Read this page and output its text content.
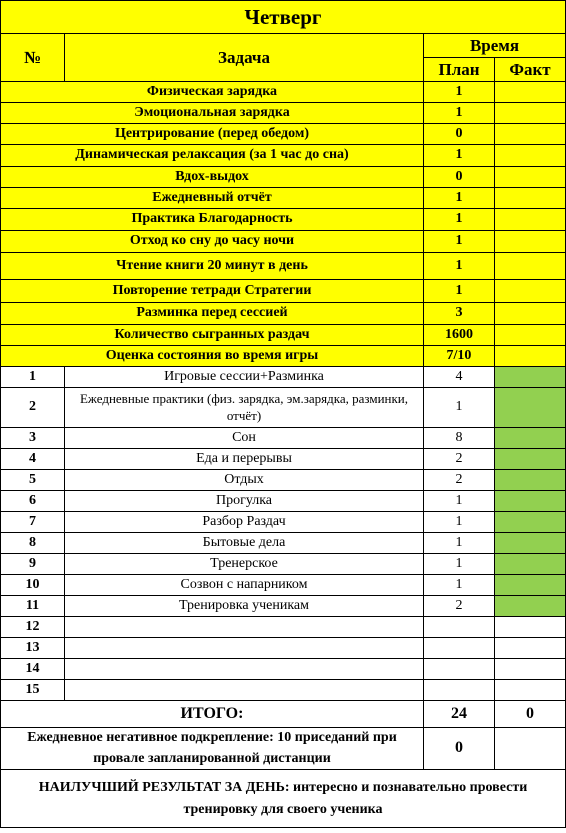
Четверг			
№	Задача	Время	
		План	Факт
Физическая зарядка		1	
Эмоциональная зарядка		1	
Центрирование (перед обедом)		0	
Динамическая релаксация (за 1 час до сна)		1	
Вдох-выдох		0	
Ежедневный отчёт		1	
Практика Благодарность		1	
Отход ко сну до часу ночи		1	
Чтение книги 20 минут в день		1	
Повторение тетради Стратегии		1	
Разминка перед сессией		3	
Количество сыгранных раздач		1600	
Оценка состояния во время игры		7/10	
1	Игровые сессии+Разминка	4	
2	Ежедневные практики (физ. зарядка, эм.зарядка, разминки, отчёт)	1	
3	Сон	8	
4	Еда и перерывы	2	
5	Отдых	2	
6	Прогулка	1	
7	Разбор Раздач	1	
8	Бытовые дела	1	
9	Тренерское	1	
10	Созвон с напарником	1	
11	Тренировка ученикам	2	
12			
13			
14			
15			
ИТОГО:		24	0
Ежедневное негативное подкрепление: 10 приседаний при провале запланированной дистанции		0	
НАИЛУЧШИЙ РЕЗУЛЬТАТ ЗА ДЕНЬ: интересно и познавательно провести тренировку для своего ученика			
